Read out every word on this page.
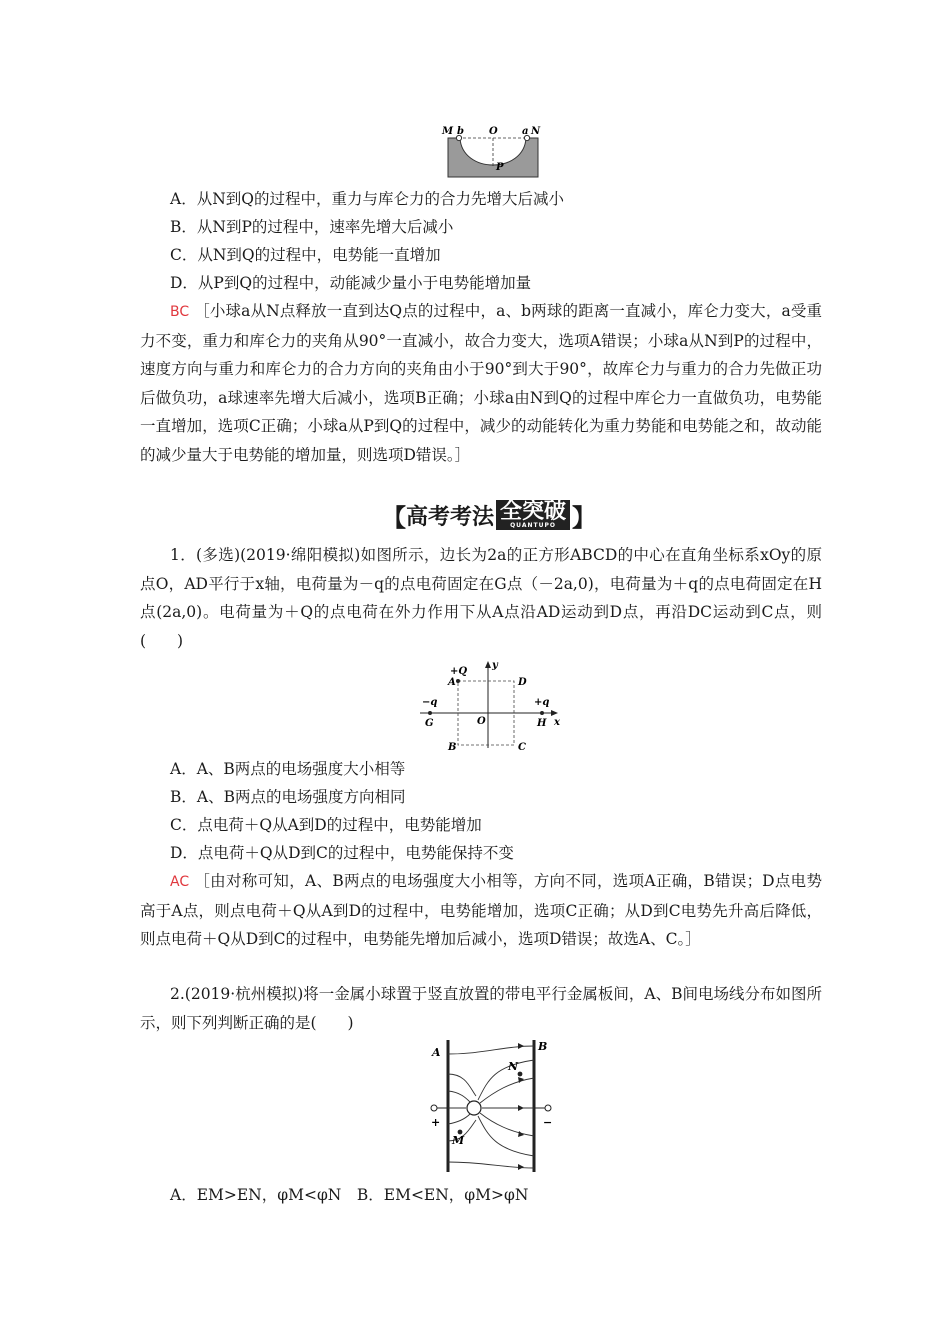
M b	O a N
P
A．从N到Q的过程中，重力与库仑力的合力先增大后减小
B．从N到P的过程中，速率先增大后减小
C．从N到Q的过程中，电势能一直增加
D．从P到Q的过程中，动能减少量小于电势能增加量
BC ［小球a从N点释放一直到达Q点的过程中，a、b两球的距离一直减小，库仑力变大，a受重力不变，重力和库仑力的夹角从90°一直减小，故合力变大，选项A错误；小球a从N到P的过程中，速度方向与重力和库仑力的合力方向的夹角由小于90°到大于90°，故库仑力与重力的合力先做正功后做负功，a球速率先增大后减小，选项B正确；小球a由N到Q的过程中库仑力一直做负功，电势能一直增加，选项C正确；小球a从P到Q的过程中，减少的动能转化为重力势能和电势能之和，故动能的减少量大于电势能的增加量，则选项D错误。］
【 高考考法 全突破
QUANTUPO 】
1．(多选)(2019·绵阳模拟)如图所示，边长为2a的正方形ABCD的中心在直角坐标系xOy的原点O，AD平行于x轴，电荷量为－q的点电荷固定在G点（－2a,0)，电荷量为＋q的点电荷固定在H点(2a,0)。电荷量为＋Q的点电荷在外力作用下从A点沿AD运动到D点，再沿DC运动到C点，则(　　)
+Q
y
A	D
−q
G	O
+q
H x
B	C
A．A、B两点的电场强度大小相等
B．A、B两点的电场强度方向相同
C．点电荷＋Q从A到D的过程中，电势能增加
D．点电荷＋Q从D到C的过程中，电势能保持不变
AC ［由对称可知，A、B两点的电场强度大小相等，方向不同，选项A正确，B错误；D点电势高于A点，则点电荷＋Q从A到D的过程中，电势能增加，选项C正确；从D到C电势先升高后降低，则点电荷＋Q从D到C的过程中，电势能先增加后减小，选项D错误；故选A、C。］
2.(2019·杭州模拟)将一金属小球置于竖直放置的带电平行金属板间，A、B间电场线分布如图所示，则下列判断正确的是(　　)
A	B
N
M
+	−
A．EM>EN，φM<φN　B．EM<EN，φM>φN
